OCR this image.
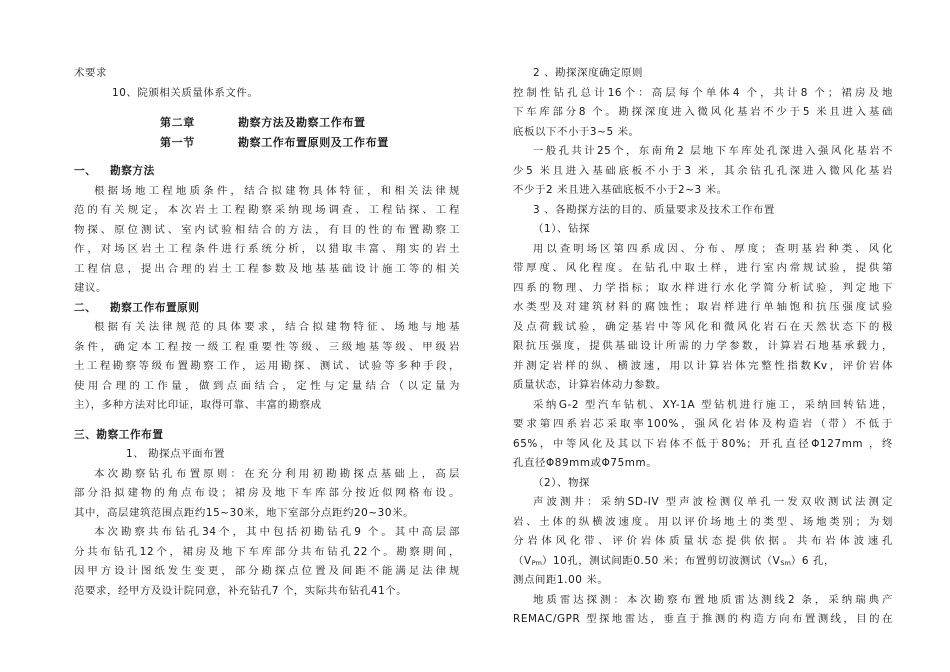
术要求
10、院颁相关质量体系文件。
第二章	勘察方法及勘察工作布置
第一节	勘察工作布置原则及工作布置
一、 勘察方法
根据场地工程地质条件，结合拟建物具体特征，和相关法律规
范的有关规定，本次岩土工程勘察采纳现场调查、工程钻探、工程
物探、原位测试、室内试验相结合的方法，有目的性的布置勘察工
作，对场区岩土工程条件进行系统分析，以猎取丰富、翔实的岩土
工程信息，提出合理的岩土工程参数及地基基础设计施工等的相关
建议。
二、 勘察工作布置原则
根据有关法律规范的具体要求，结合拟建物特征、场地与地基
条件，确定本工程按一级工程重要性等级、三级地基等级、甲级岩
土工程勘察等级布置勘察工作，运用勘探、测试、试验等多种手段，
使用合理的工作量，做到点面结合，定性与定量结合（以定量为
主），多种方法对比印证，取得可靠、丰富的勘察成
三、勘察工作布置
1、 勘探点平面布置
本次勘察钻孔布置原则：在充分利用初勘勘探点基础上，高层
部分沿拟建物的角点布设；裙房及地下车库部分按近似网格布设。
其中，高层建筑范围点距约15~30米，地下室部分点距约20~30米。
本次勘察共布钻孔34个，其中包括初勘钻孔9 个。其中高层部
分共布钻孔12个，裙房及地下车库部分共布钻孔22个。勘察期间，
因甲方设计图纸发生变更，部分勘探点位置及间距不能满足法律规
范要求，经甲方及设计院同意，补充钻孔7 个，实际共布钻孔41个。
2 、勘探深度确定原则
控制性钻孔总计16个：高层每个单体4 个，共计8 个；裙房及地
下车库部分8 个。勘探深度进入微风化基岩不少于5 米且进入基础
底板以下不小于3~5 米。
一般孔共计25个，东南角2 层地下车库处孔深进入强风化基岩不
少5 米且进入基础底板不小于3 米，其余钻孔孔深进入微风化基岩
不少于2 米且进入基础底板不小于2~3 米。
3 、各勘探方法的目的、质量要求及技术工作布置
（1）、钻探
用以查明场区第四系成因、分布、厚度；查明基岩种类、风化
带厚度、风化程度。在钻孔中取土样，进行室内常规试验，提供第
四系的物理、力学指标；取水样进行水化学简分析试验，判定地下
水类型及对建筑材料的腐蚀性；取岩样进行单轴饱和抗压强度试验
及点荷载试验，确定基岩中等风化和微风化岩石在天然状态下的极
限抗压强度，提供基础设计所需的力学参数，计算岩石地基承载力，
并测定岩样的纵、横波速，用以计算岩体完整性指数Kv，评价岩体
质量状态，计算岩体动力参数。
采纳G-2 型汽车钻机、XY-1A 型钻机进行施工，采纳回转钻进，
要求第四系岩芯采取率100%，强风化岩体及构造岩（带）不低于
65%，中等风化及其以下岩体不低于80%；开孔直径Φ127mm ，终
孔直径Φ89mm或Φ75mm。
（2）、物探
声波测井：采纳SD-IV 型声波检测仪单孔一发双收测试法测定
岩、土体的纵横波速度。用以评价场地土的类型、场地类别；为划
分岩体风化带、评价岩体质量状态提供依据。共布岩体波速孔
（VPm）10孔，测试间距0.50 米；布置剪切波测试（VSm）6 孔，
测点间距1.00 米。
地质雷达探测：本次勘察布置地质雷达测线2 条，采纳瑞典产
REMAC/GPR 型探地雷达，垂直于推测的构造方向布置测线，目的在
